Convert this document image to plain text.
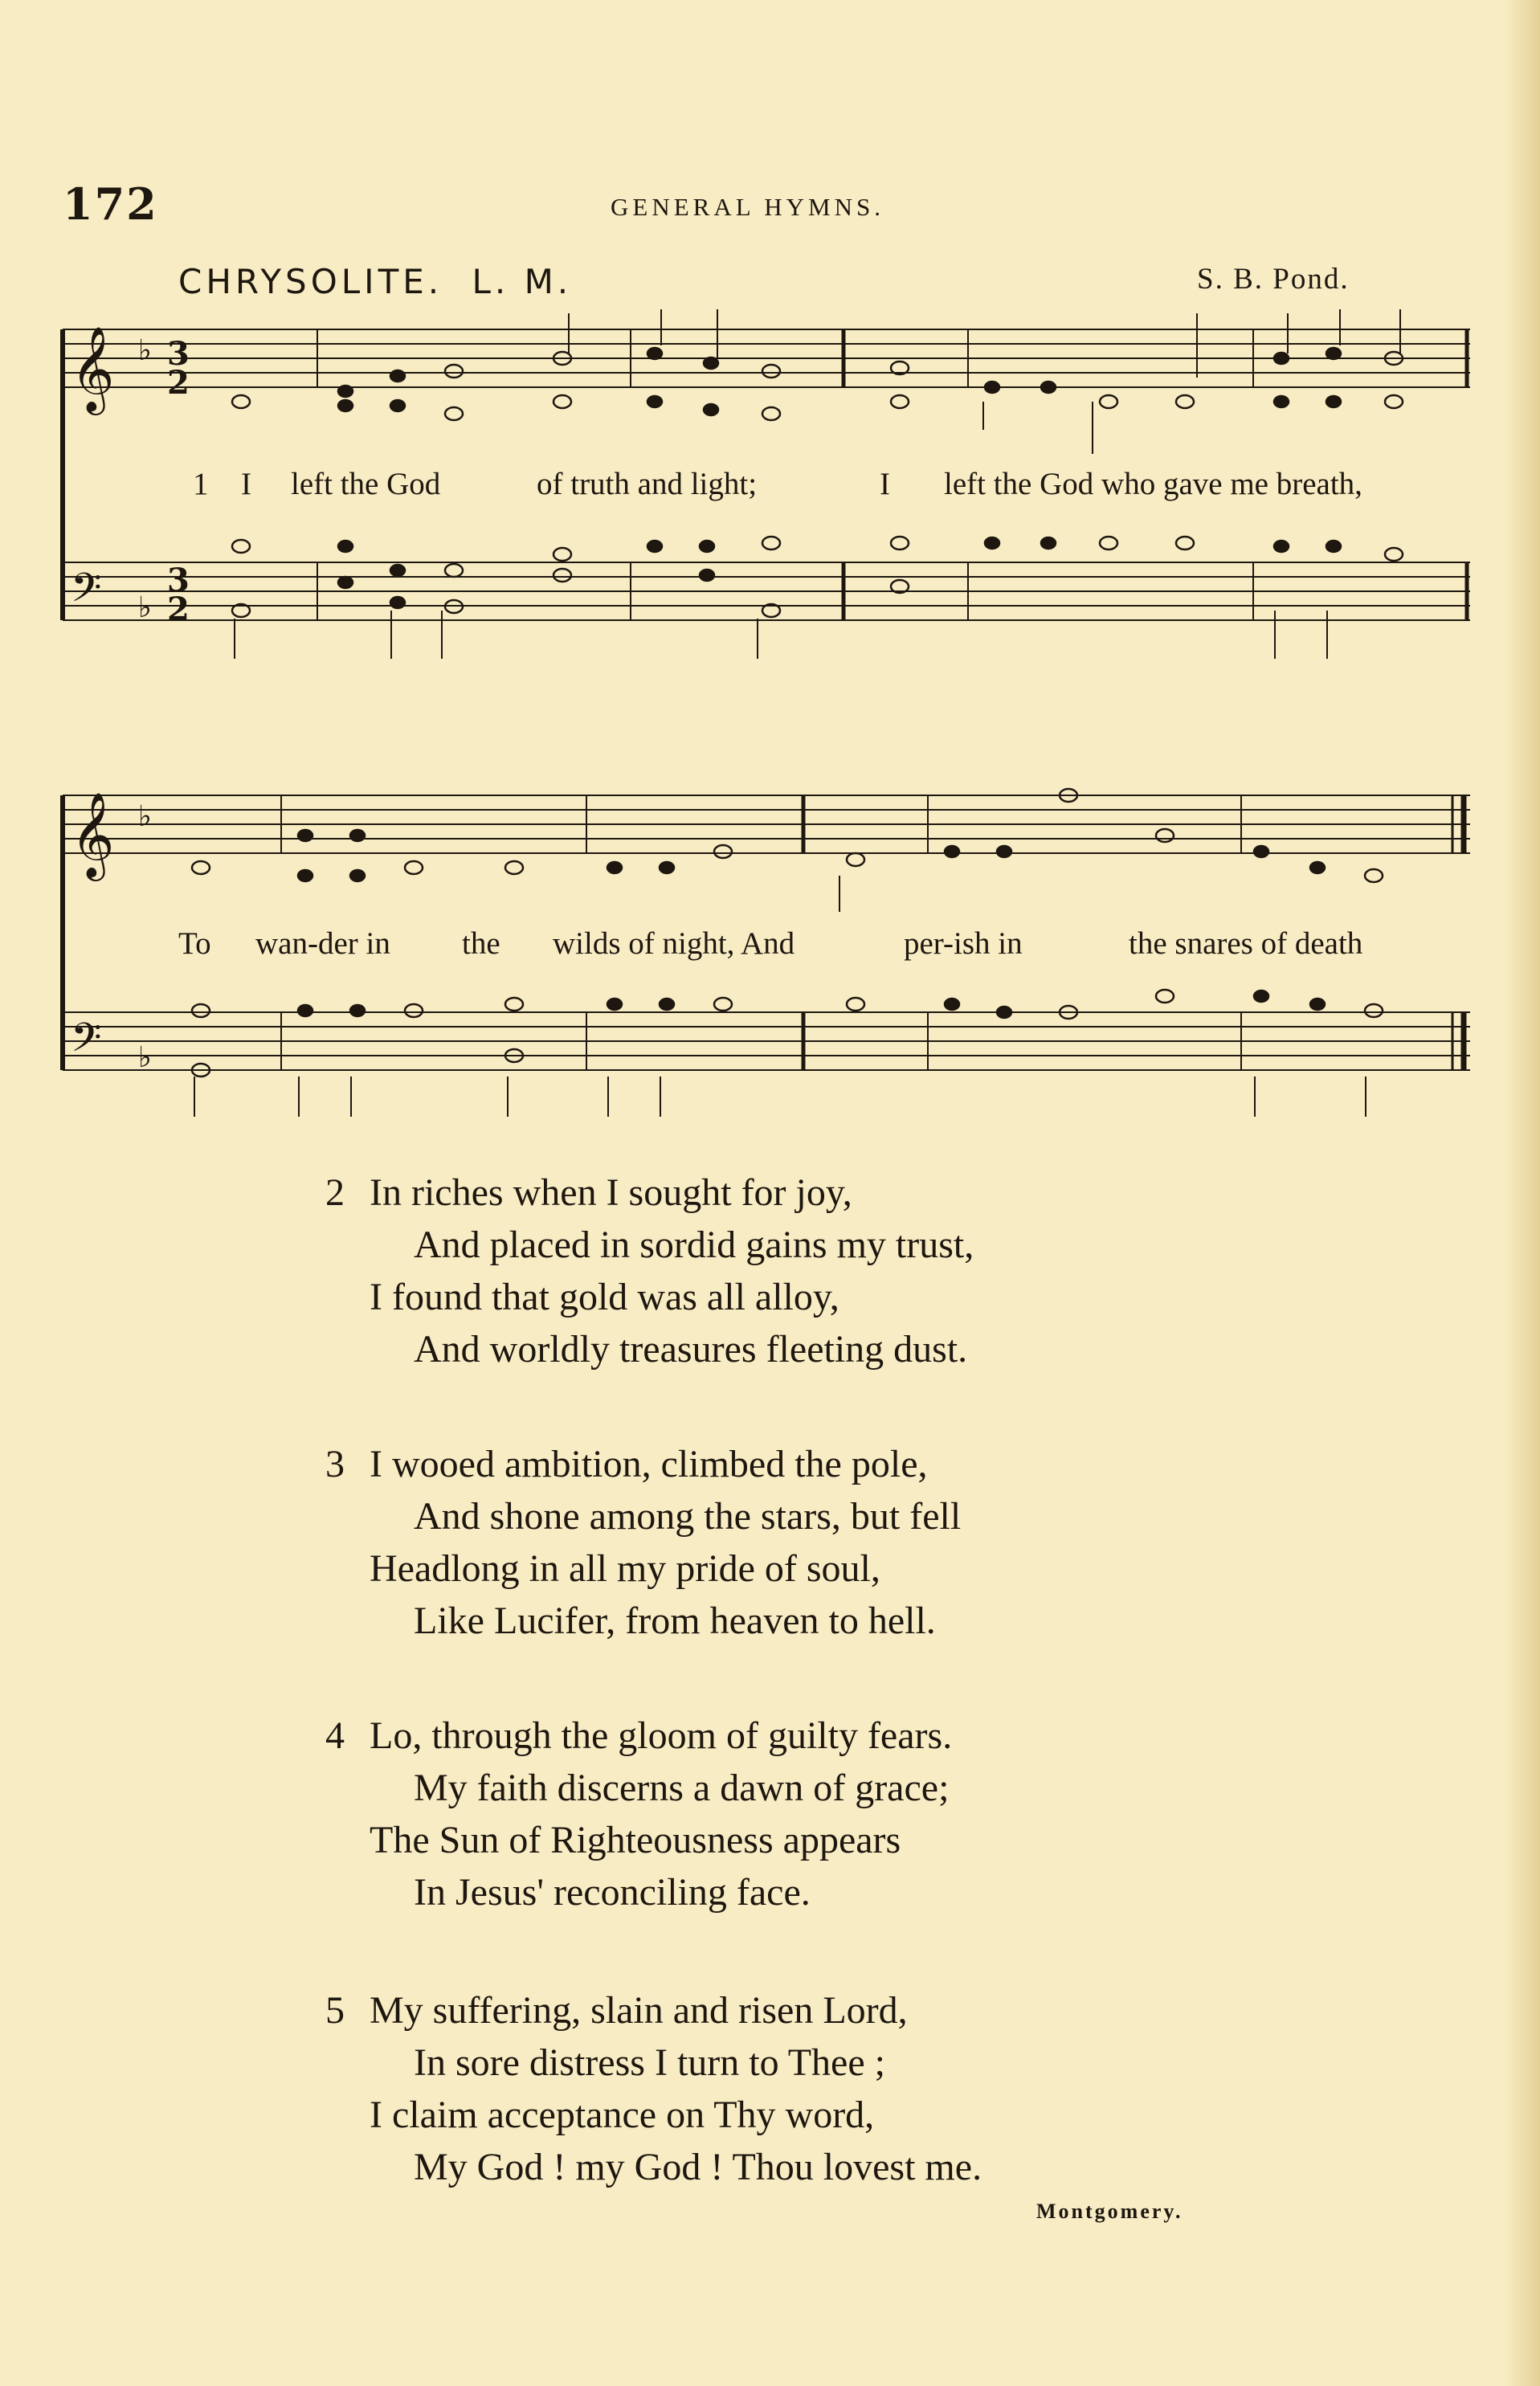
172	GENERAL HYMNS.
CHRYSOLITE. L. M.	S. B. Pond.
𝄞
𝄢
𝄞
𝄢
♭
♭
♭
♭
3
2
3
2
1 I left the God	of truth and light;	I left the God who gave me breath,
To wan-der in the wilds of night, And	per-ish in	the snares of death
2 In riches when I sought for joy,
And placed in sordid gains my trust,
I found that gold was all alloy,
And worldly treasures fleeting dust.
3 I wooed ambition, climbed the pole,
And shone among the stars, but fell
Headlong in all my pride of soul,
Like Lucifer, from heaven to hell.
4 Lo, through the gloom of guilty fears.
My faith discerns a dawn of grace;
The Sun of Righteousness appears
In Jesus' reconciling face.
5 My suffering, slain and risen Lord,
In sore distress I turn to Thee ;
I claim acceptance on Thy word,
My God ! my God ! Thou lovest me.
Montgomery.
